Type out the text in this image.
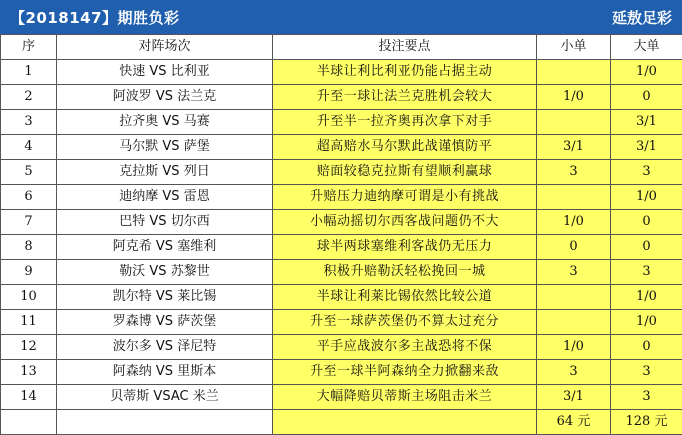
【2018147】期胜负彩	延敖足彩
序	对阵场次	投注要点	小单	大单
1	快速 VS 比利亚	半球让利比利亚仍能占据主动		1/0
2	阿波罗 VS 法兰克	升至一球让法兰克胜机会较大	1/0	0
3	拉齐奥 VS 马赛	升至半一拉齐奥再次拿下对手		3/1
4	马尔默 VS 萨堡	超高赔水马尔默此战谨慎防平	3/1	3/1
5	克拉斯 VS 列日	赔面较稳克拉斯有望顺利赢球	3	3
6	迪纳摩 VS 雷恩	升赔压力迪纳摩可谓是小有挑战		1/0
7	巴特 VS 切尔西	小幅动摇切尔西客战问题仍不大	1/0	0
8	阿克希 VS 塞维利	球半两球塞维利客战仍无压力	0	0
9	勒沃 VS 苏黎世	积极升赔勒沃轻松挽回一城	3	3
10	凯尔特 VS 莱比锡	半球让利莱比锡依然比较公道		1/0
11	罗森博 VS 萨茨堡	升至一球萨茨堡仍不算太过充分		1/0
12	波尔多 VS 泽尼特	平手应战波尔多主战恐将不保	1/0	0
13	阿森纳 VS 里斯本	升至一球半阿森纳全力掀翻来敌	3	3
14	贝蒂斯 VSAC 米兰	大幅降赔贝蒂斯主场阻击米兰	3/1	3
			64 元	128 元
